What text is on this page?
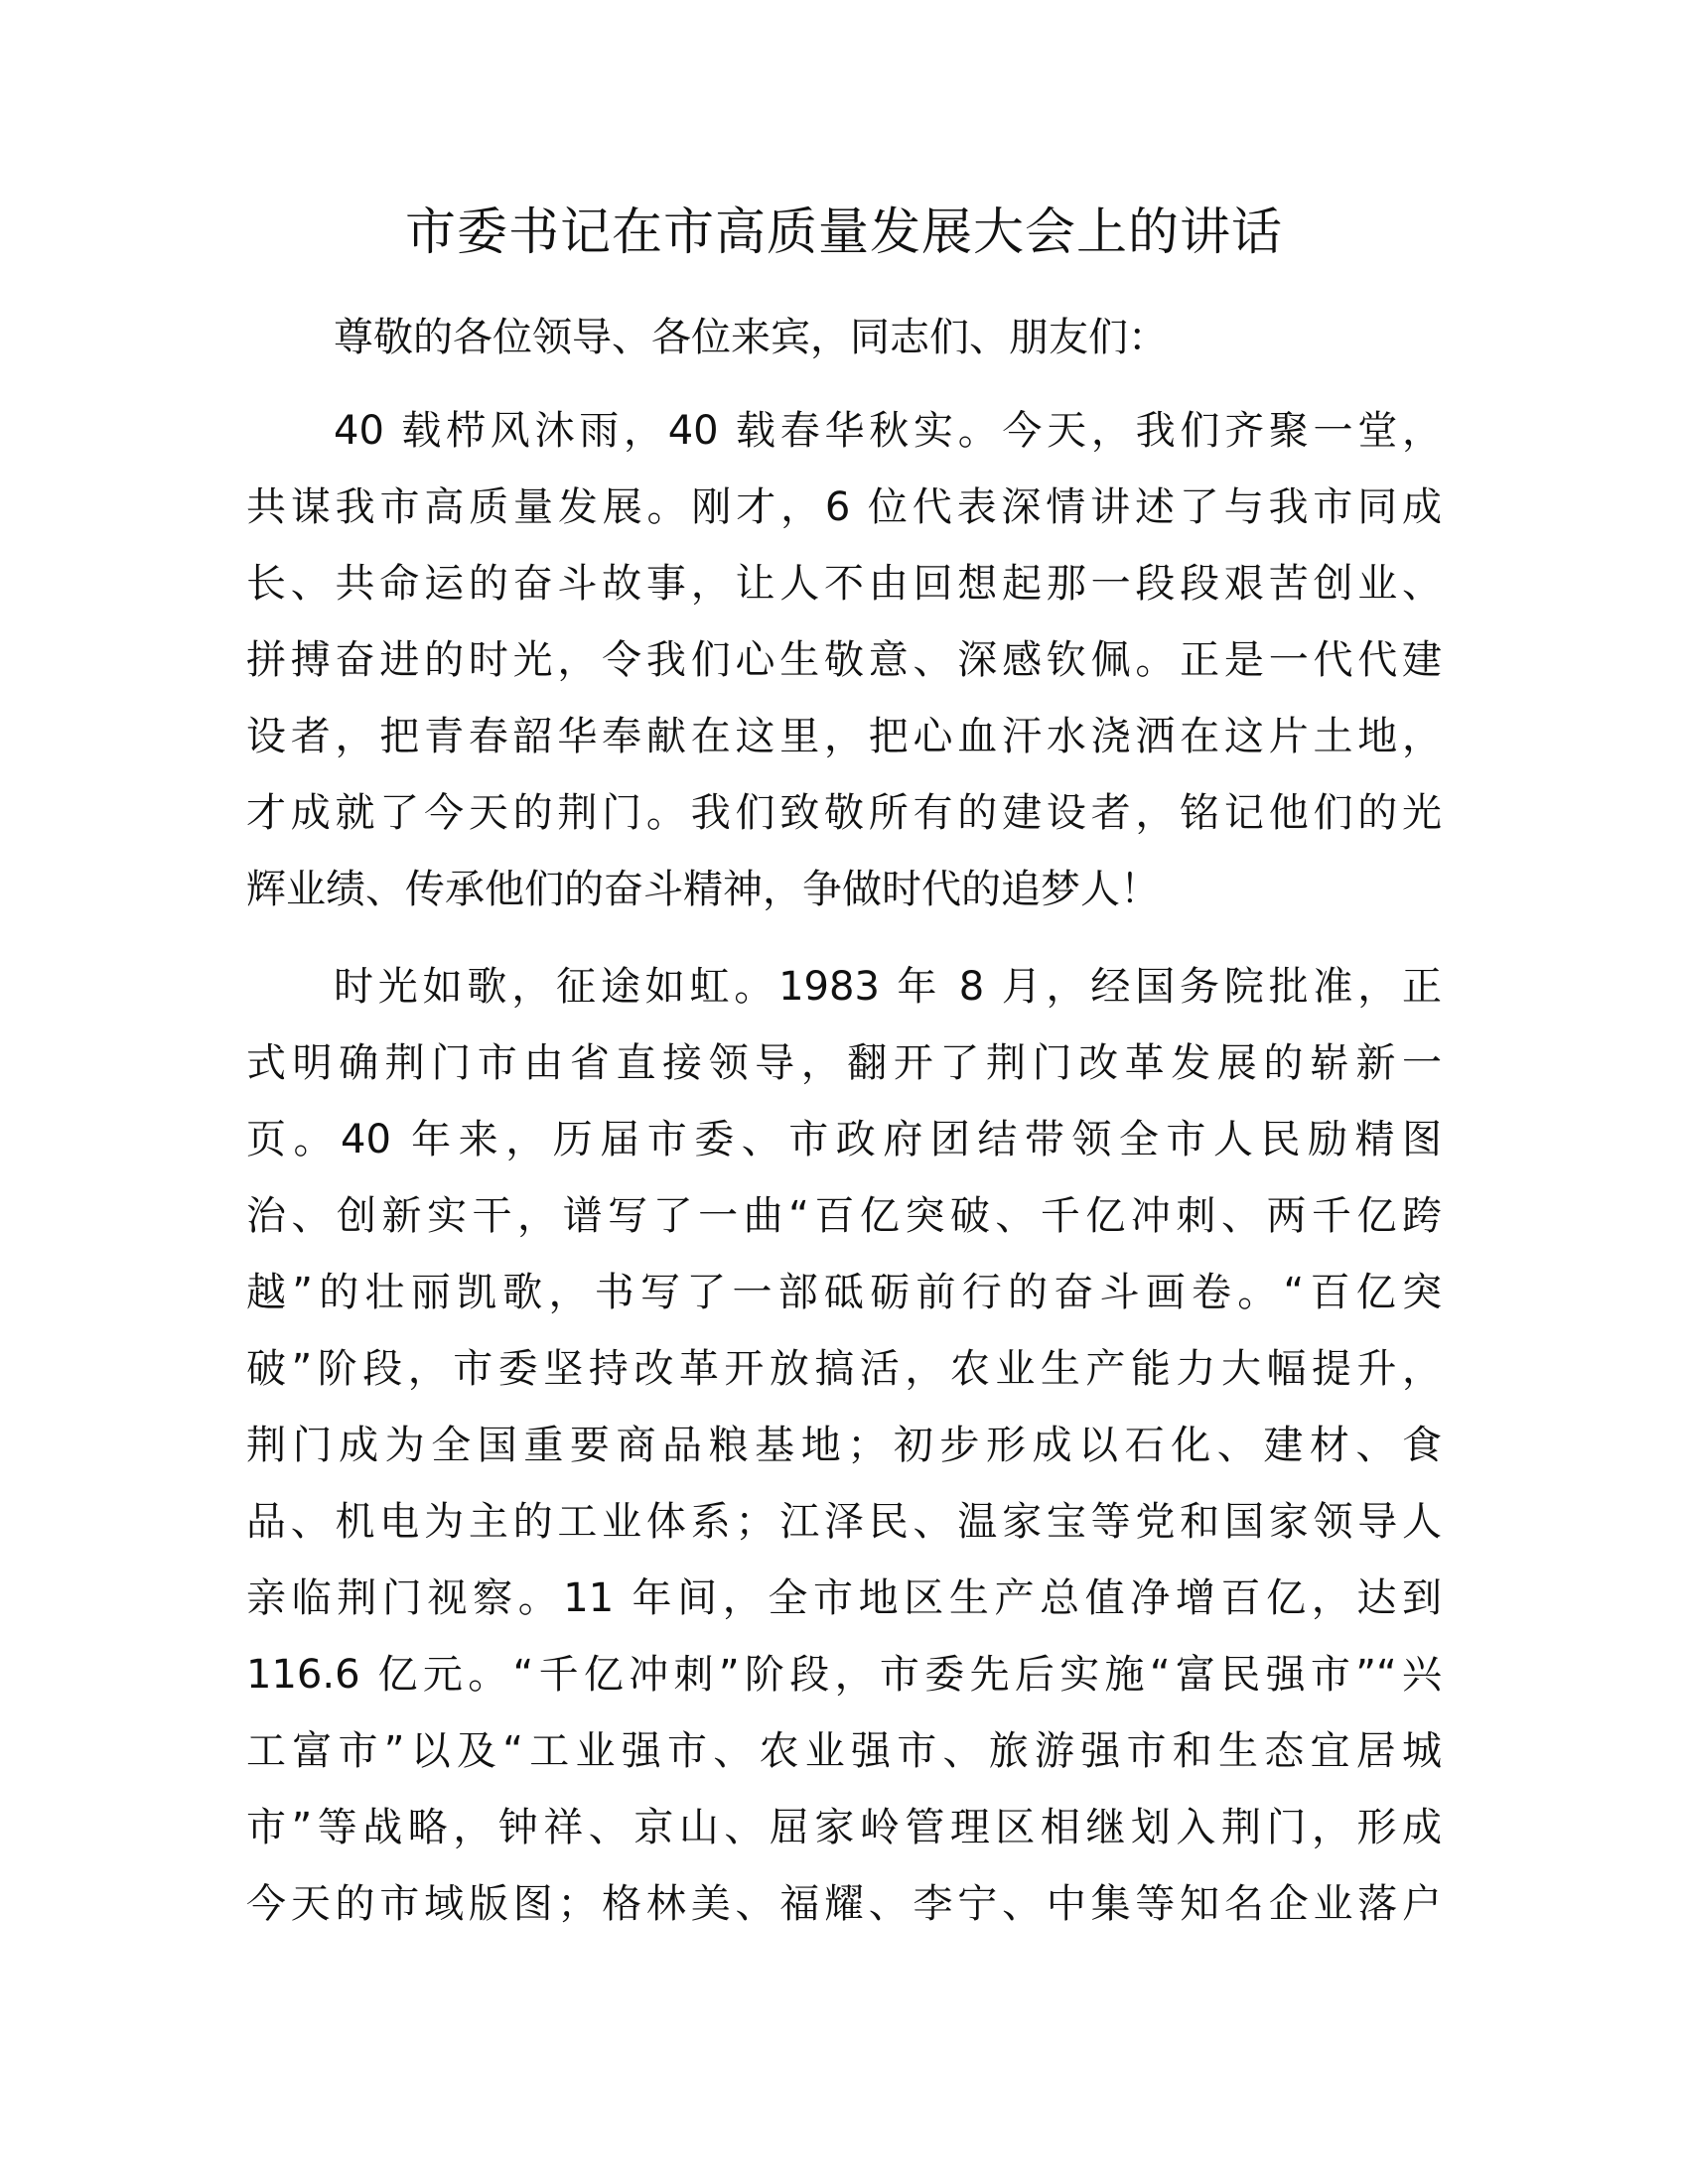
市委书记在市高质量发展大会上的讲话
尊敬的各位领导、各位来宾，同志们、朋友们：
40 载栉风沐雨，40 载春华秋实。今天，我们齐聚一堂，
共谋我市高质量发展。刚才，6 位代表深情讲述了与我市同成
长、共命运的奋斗故事，让人不由回想起那一段段艰苦创业、
拼搏奋进的时光，令我们心生敬意、深感钦佩。正是一代代建
设者，把青春韶华奉献在这里，把心血汗水浇洒在这片土地，
才成就了今天的荆门。我们致敬所有的建设者，铭记他们的光
辉业绩、传承他们的奋斗精神，争做时代的追梦人！
时光如歌，征途如虹。1983 年 8 月，经国务院批准，正
式明确荆门市由省直接领导，翻开了荆门改革发展的崭新一
页。40 年来，历届市委、市政府团结带领全市人民励精图
治、创新实干，谱写了一曲“百亿突破、千亿冲刺、两千亿跨
越”的壮丽凯歌，书写了一部砥砺前行的奋斗画卷。“百亿突
破”阶段，市委坚持改革开放搞活，农业生产能力大幅提升，
荆门成为全国重要商品粮基地；初步形成以石化、建材、食
品、机电为主的工业体系；江泽民、温家宝等党和国家领导人
亲临荆门视察。11 年间，全市地区生产总值净增百亿，达到
116.6 亿元。“千亿冲刺”阶段，市委先后实施“富民强市”“兴
工富市”以及“工业强市、农业强市、旅游强市和生态宜居城
市”等战略，钟祥、京山、屈家岭管理区相继划入荆门，形成
今天的市域版图；格林美、福耀、李宁、中集等知名企业落户
